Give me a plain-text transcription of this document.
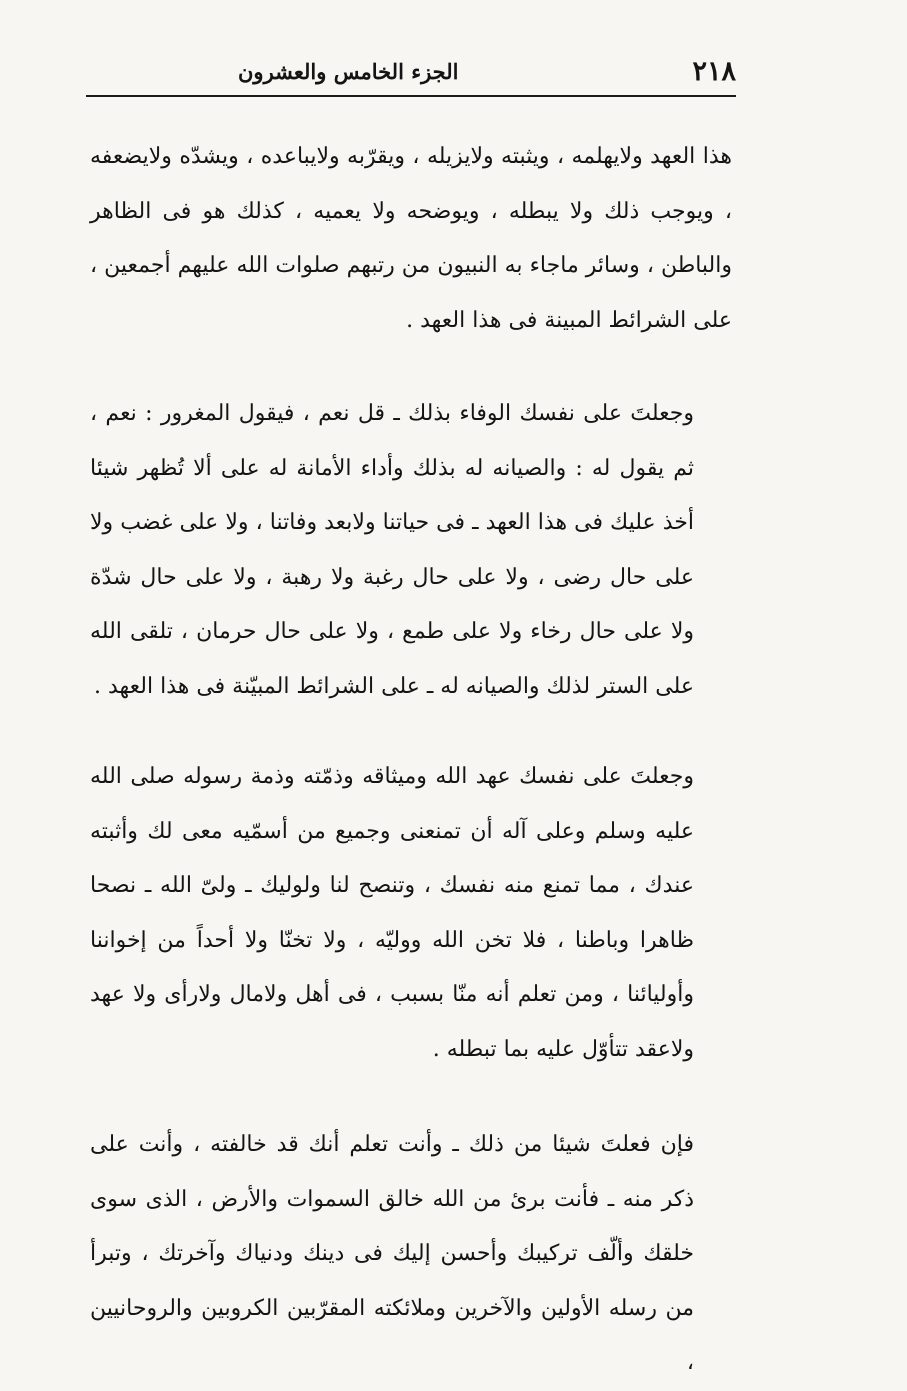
٢١٨
الجزء الخامس والعشرون

هذا العهد ولايهلمه ، ويثبته ولايزيله ، ويقرّبه ولايباعده ، ويشدّه ولايضعفه ، ويوجب ذلك ولا يبطله ، ويوضحه ولا يعميه ، كذلك هو فى الظاهر والباطن ، وسائر ماجاء به النبيون من رتبهم صلوات الله عليهم أجمعين ، على الشرائط المبينة فى هذا العهد .

وجعلتَ على نفسك الوفاء بذلك ـ قل نعم ، فيقول المغرور : نعم ، ثم يقول له : والصيانه له بذلك وأداء الأمانة له على ألا تُظهر شيئا أخذ عليك فى هذا العهد ـ فى حياتنا ولابعد وفاتنا ، ولا على غضب ولا على حال رضى ، ولا على حال رغبة ولا رهبة ، ولا على حال شدّة ولا على حال رخاء ولا على طمع ، ولا على حال حرمان ، تلقى الله على الستر لذلك والصيانه له ـ على الشرائط المبيّنة فى هذا العهد .

وجعلتَ على نفسك عهد الله وميثاقه وذمّته وذمة رسوله صلى الله عليه وسلم وعلى آله أن تمنعنى وجميع من أسمّيه معى لك وأثبته عندك ، مما تمنع منه نفسك ، وتنصح لنا ولوليك ـ ولىّ الله ـ نصحا ظاهرا وباطنا ، فلا تخن الله ووليّه ، ولا تخنّا ولا أحداً من إخواننا وأوليائنا ، ومن تعلم أنه منّا بسبب ، فى أهل ولامال ولارأى ولا عهد ولاعقد تتأوّل عليه بما تبطله .

فإن فعلتَ شيئا من ذلك ـ وأنت تعلم أنك قد خالفته ، وأنت على ذكر منه ـ فأنت برئ من الله خالق السموات والأرض ، الذى سوى خلقك وألّف تركيبك وأحسن إليك فى دينك ودنياك وآخرتك ، وتبرأ من رسله الأولين والآخرين وملائكته المقرّبين الكروبين والروحانيين ،
